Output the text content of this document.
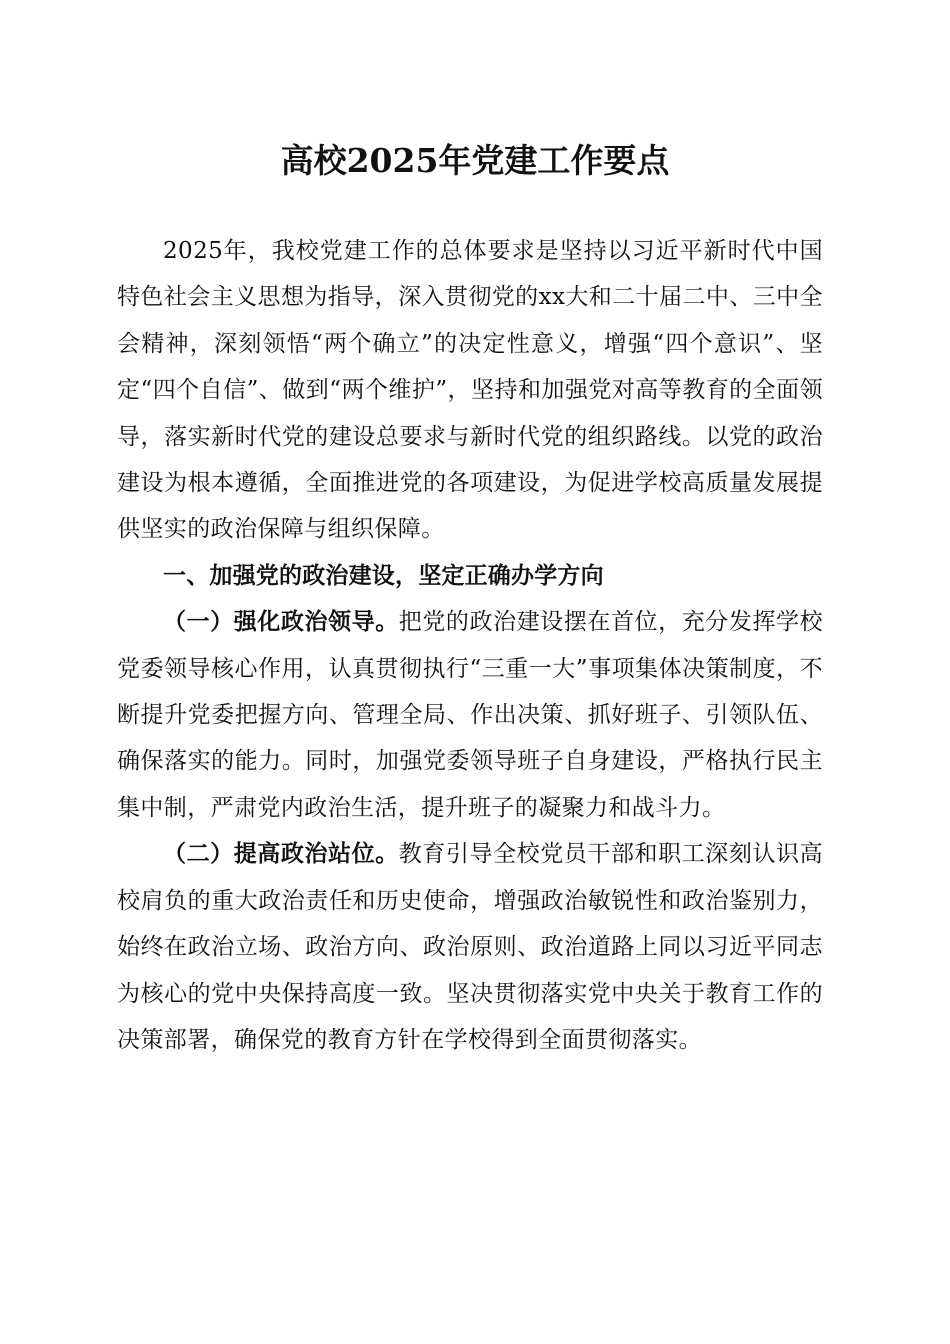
高校2025年党建工作要点

2025年，我校党建工作的总体要求是坚持以习近平新时代中国特色社会主义思想为指导，深入贯彻党的xx大和二十届二中、三中全会精神，深刻领悟“两个确立”的决定性意义，增强“四个意识”、坚定“四个自信”、做到“两个维护”，坚持和加强党对高等教育的全面领导，落实新时代党的建设总要求与新时代党的组织路线。以党的政治建设为根本遵循，全面推进党的各项建设，为促进学校高质量发展提供坚实的政治保障与组织保障。

一、加强党的政治建设，坚定正确办学方向

（一）强化政治领导。把党的政治建设摆在首位，充分发挥学校党委领导核心作用，认真贯彻执行“三重一大”事项集体决策制度，不断提升党委把握方向、管理全局、作出决策、抓好班子、引领队伍、确保落实的能力。同时，加强党委领导班子自身建设，严格执行民主集中制，严肃党内政治生活，提升班子的凝聚力和战斗力。

（二）提高政治站位。教育引导全校党员干部和职工深刻认识高校肩负的重大政治责任和历史使命，增强政治敏锐性和政治鉴别力，始终在政治立场、政治方向、政治原则、政治道路上同以习近平同志为核心的党中央保持高度一致。坚决贯彻落实党中央关于教育工作的决策部署，确保党的教育方针在学校得到全面贯彻落实。
